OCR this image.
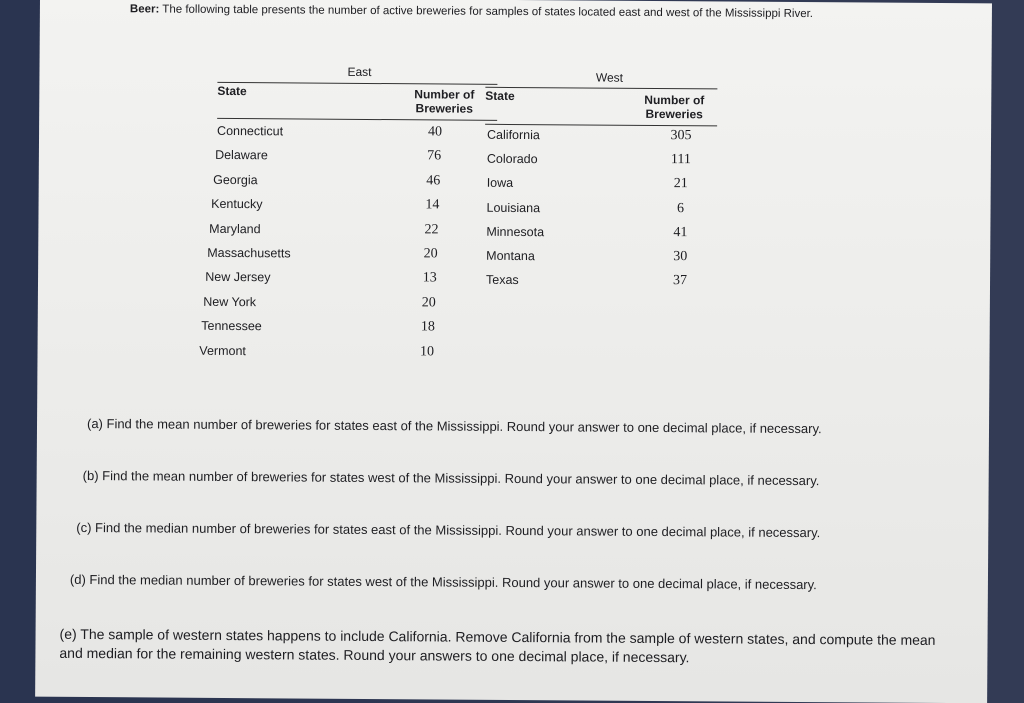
Beer: The following table presents the number of active breweries for samples of states located east and west of the Mississippi River.
East
State	Number of Breweries
Connecticut	40
Delaware	76
Georgia	46
Kentucky	14
Maryland	22
Massachusetts	20
New Jersey	13
New York	20
Tennessee	18
Vermont	10
West
State	Number of Breweries
California	305
Colorado	111
Iowa	21
Louisiana	6
Minnesota	41
Montana	30
Texas	37
(a) Find the mean number of breweries for states east of the Mississippi. Round your answer to one decimal place, if necessary.
(b) Find the mean number of breweries for states west of the Mississippi. Round your answer to one decimal place, if necessary.
(c) Find the median number of breweries for states east of the Mississippi. Round your answer to one decimal place, if necessary.
(d) Find the median number of breweries for states west of the Mississippi. Round your answer to one decimal place, if necessary.
(e) The sample of western states happens to include California. Remove California from the sample of western states, and compute the mean and median for the remaining western states. Round your answers to one decimal place, if necessary.
